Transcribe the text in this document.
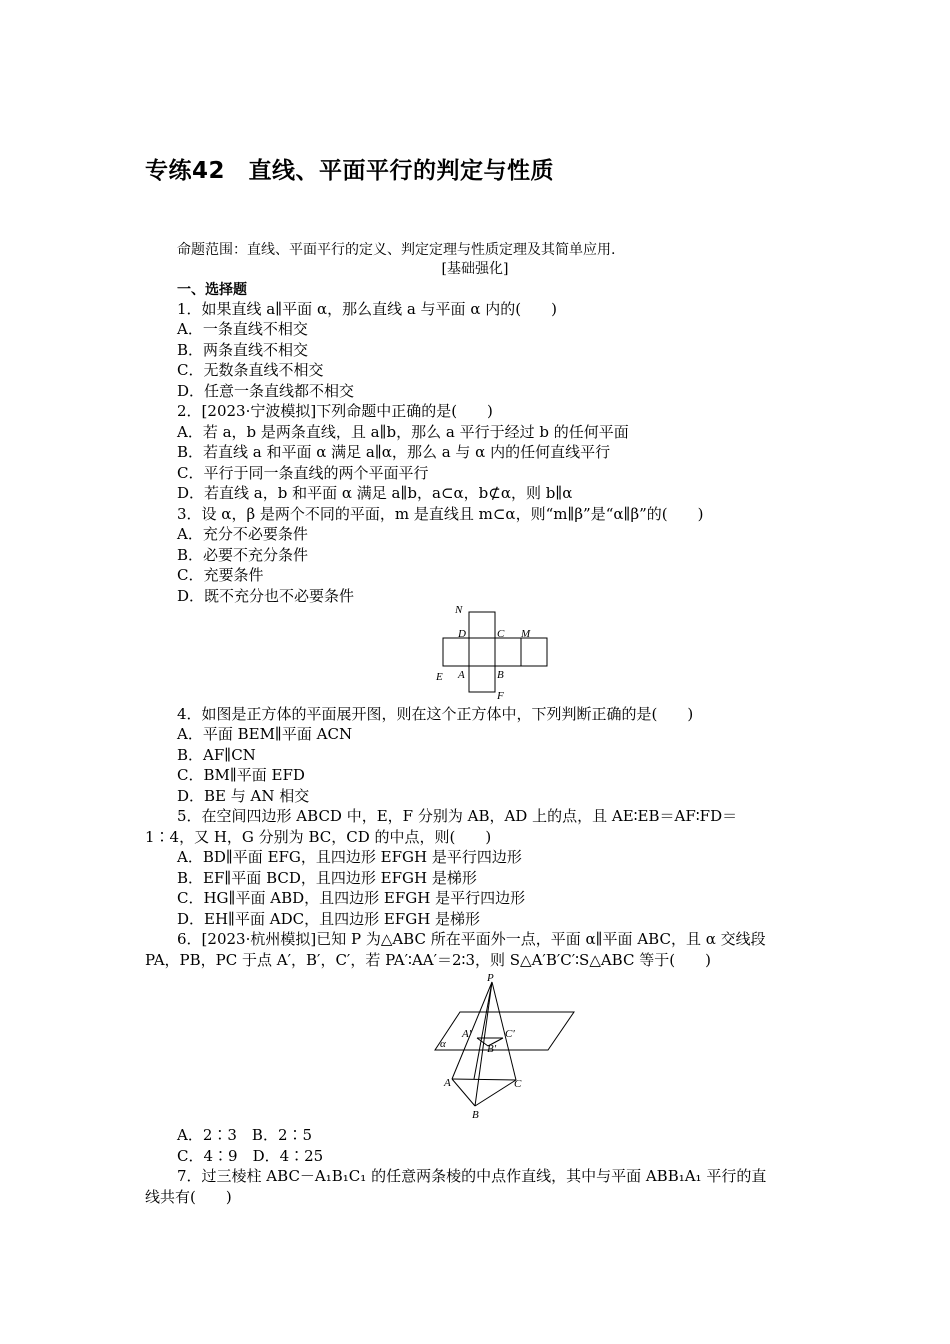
专练42　直线、平面平行的判定与性质
命题范围：直线、平面平行的定义、判定定理与性质定理及其简单应用.
[基础强化]
一、选择题
1．如果直线 a∥平面 α，那么直线 a 与平面 α 内的(　　)
A．一条直线不相交
B．两条直线不相交
C．无数条直线不相交
D．任意一条直线都不相交
2．[2023·宁波模拟]下列命题中正确的是(　　)
A．若 a，b 是两条直线，且 a∥b，那么 a 平行于经过 b 的任何平面
B．若直线 a 和平面 α 满足 a∥α，那么 a 与 α 内的任何直线平行
C．平行于同一条直线的两个平面平行
D．若直线 a，b 和平面 α 满足 a∥b，a⊂α，b⊄α，则 b∥α
3．设 α，β 是两个不同的平面，m 是直线且 m⊂α，则“m∥β”是“α∥β”的(　　)
A．充分不必要条件
B．必要不充分条件
C．充要条件
D．既不充分也不必要条件
N
D	C M
E A	B
F
4．如图是正方体的平面展开图，则在这个正方体中，下列判断正确的是(　　)
A．平面 BEM∥平面 ACN
B．AF∥CN
C．BM∥平面 EFD
D．BE 与 AN 相交
5．在空间四边形 ABCD 中，E，F 分别为 AB，AD 上的点，且 AE∶EB＝AF∶FD＝
1∶4，又 H，G 分别为 BC，CD 的中点，则(　　)
A．BD∥平面 EFG，且四边形 EFGH 是平行四边形
B．EF∥平面 BCD，且四边形 EFGH 是梯形
C．HG∥平面 ABD，且四边形 EFGH 是平行四边形
D．EH∥平面 ADC，且四边形 EFGH 是梯形
6．[2023·杭州模拟]已知 P 为△ABC 所在平面外一点，平面 α∥平面 ABC，且 α 交线段
PA，PB，PC 于点 A′，B′，C′，若 PA′∶AA′＝2∶3，则 S△A′B′C′∶S△ABC 等于(　　)
P
A′	C′
B′
α
A	C
B
A．2∶3　B．2∶5
C．4∶9　D．4∶25
7．过三棱柱 ABC－A₁B₁C₁ 的任意两条棱的中点作直线，其中与平面 ABB₁A₁ 平行的直
线共有(　　)
